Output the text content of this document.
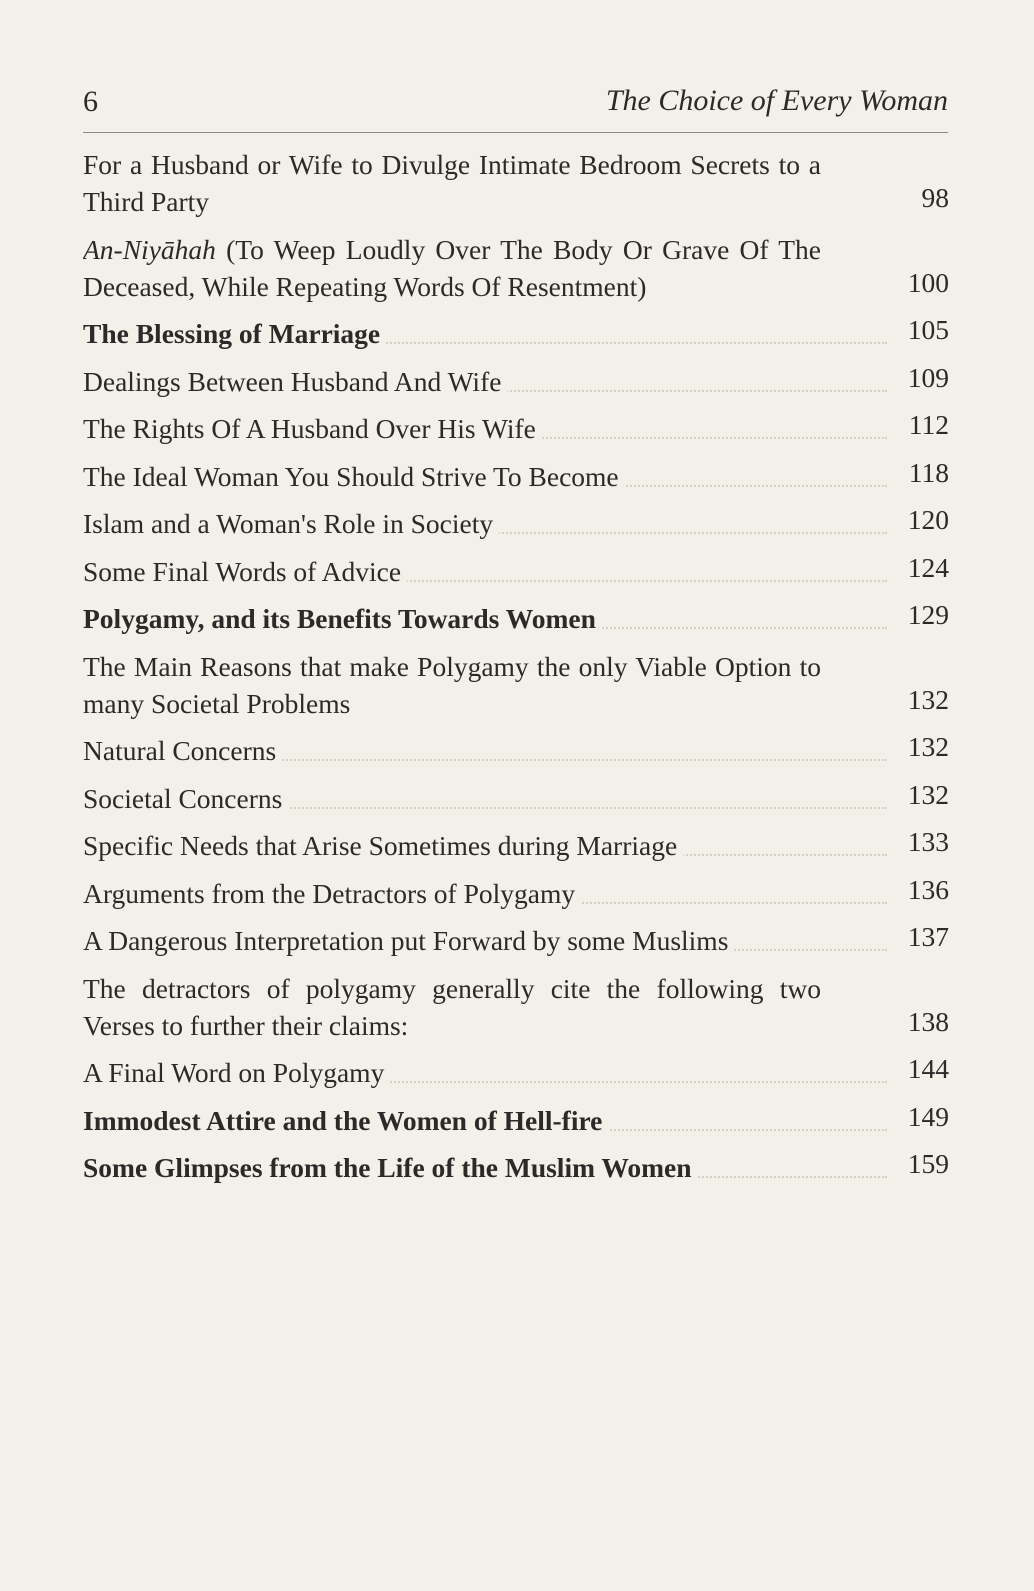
6	The Choice of Every Woman
For a Husband or Wife to Divulge Intimate Bedroom Secrets to a Third Party	98
An-Niyāhah (To Weep Loudly Over The Body Or Grave Of The Deceased, While Repeating Words Of Resentment)	100
The Blessing of Marriage	105
Dealings Between Husband And Wife	109
The Rights Of A Husband Over His Wife	112
The Ideal Woman You Should Strive To Become	118
Islam and a Woman's Role in Society	120
Some Final Words of Advice	124
Polygamy, and its Benefits Towards Women	129
The Main Reasons that make Polygamy the only Viable Option to many Societal Problems	132
Natural Concerns	132
Societal Concerns	132
Specific Needs that Arise Sometimes during Marriage	133
Arguments from the Detractors of Polygamy	136
A Dangerous Interpretation put Forward by some Muslims	137
The detractors of polygamy generally cite the following two Verses to further their claims:	138
A Final Word on Polygamy	144
Immodest Attire and the Women of Hell-fire	149
Some Glimpses from the Life of the Muslim Women	159
